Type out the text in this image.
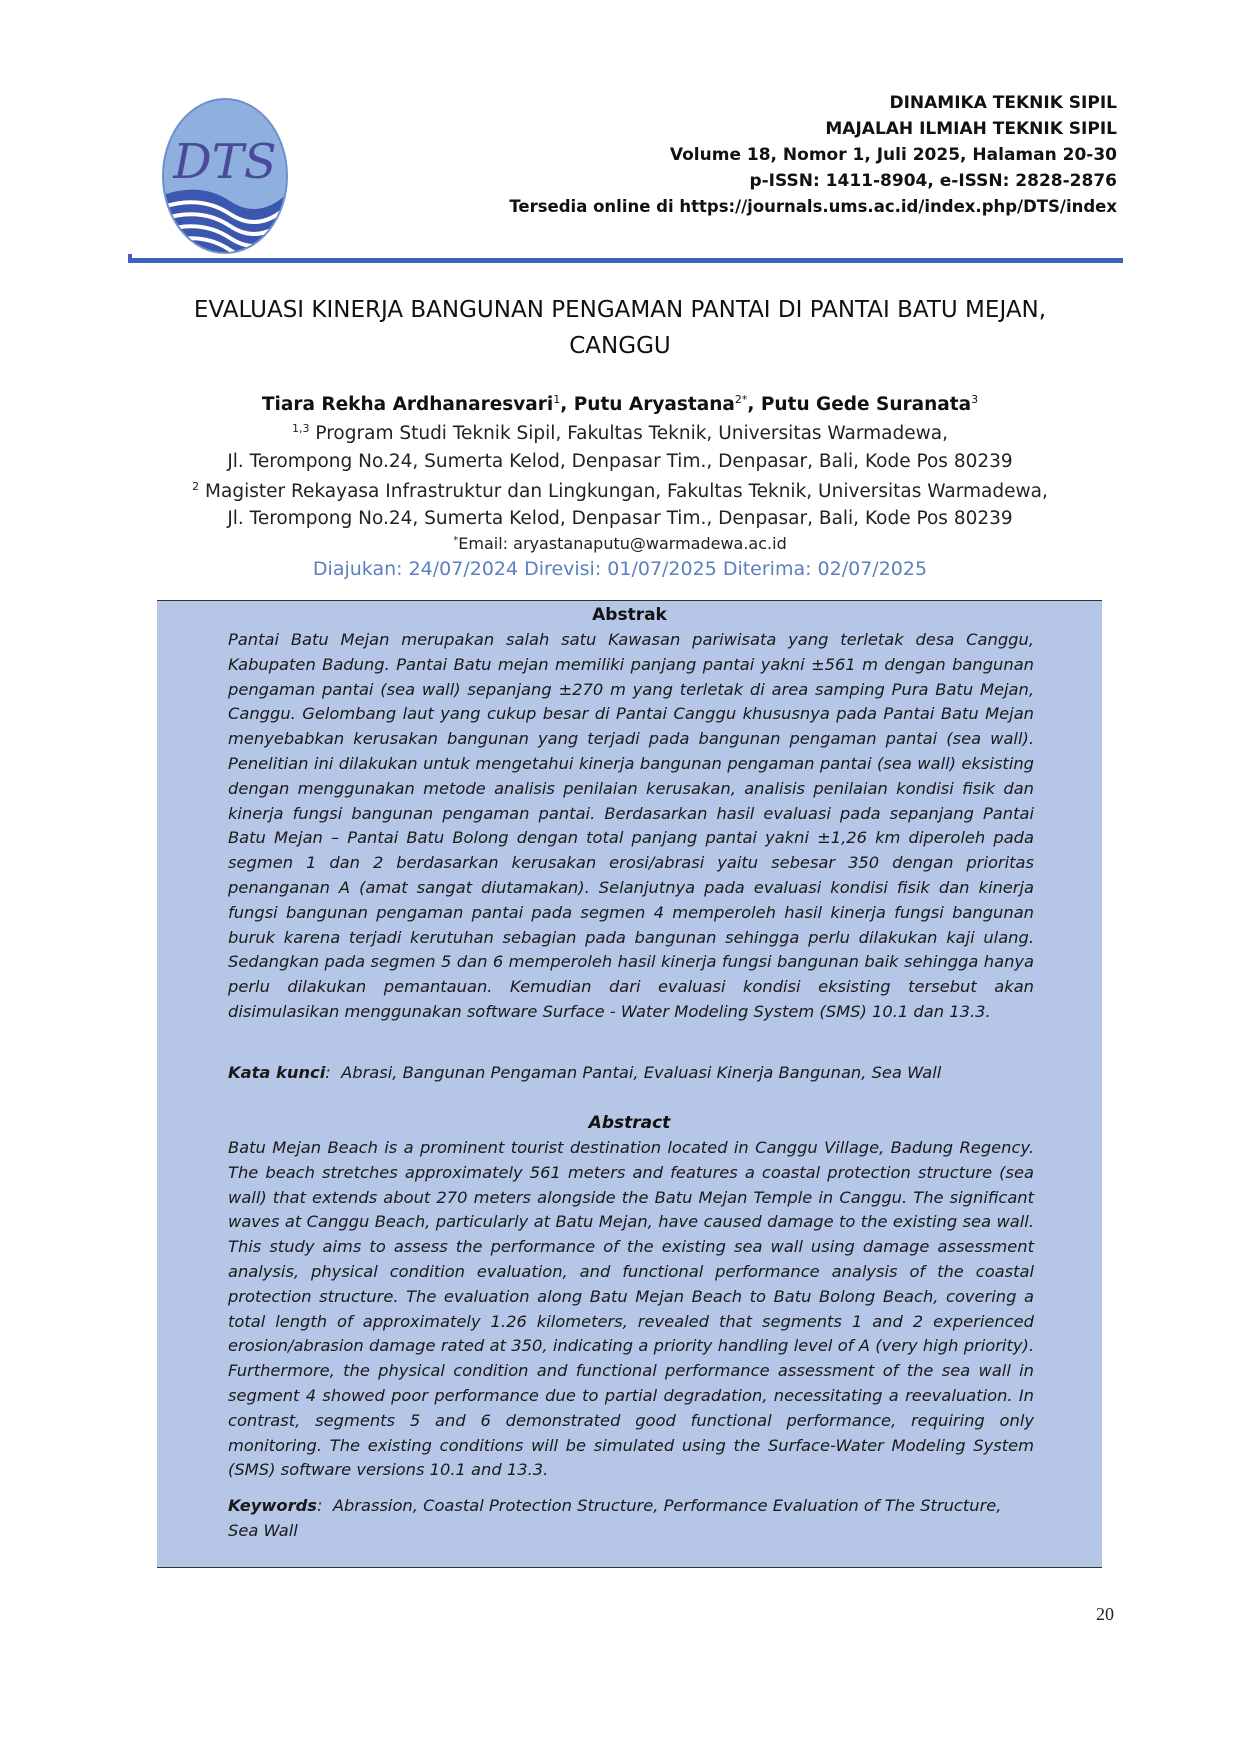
DTS
DINAMIKA TEKNIK SIPIL
MAJALAH ILMIAH TEKNIK SIPIL
Volume 18, Nomor 1, Juli 2025, Halaman 20-30
p-ISSN: 1411-8904, e-ISSN: 2828-2876
Tersedia online di https://journals.ums.ac.id/index.php/DTS/index
EVALUASI KINERJA BANGUNAN PENGAMAN PANTAI DI PANTAI BATU MEJAN,
CANGGU
Tiara Rekha Ardhanaresvari$^1$, Putu Aryastana$^{2*}$, Putu Gede Suranata$^3$
$^{1,3}$ Program Studi Teknik Sipil, Fakultas Teknik, Universitas Warmadewa,
Jl. Terompong No.24, Sumerta Kelod, Denpasar Tim., Denpasar, Bali, Kode Pos 80239
$^2$ Magister Rekayasa Infrastruktur dan Lingkungan, Fakultas Teknik, Universitas Warmadewa,
Jl. Terompong No.24, Sumerta Kelod, Denpasar Tim., Denpasar, Bali, Kode Pos 80239
*Email: aryastanaputu@warmadewa.ac.id
Diajukan: 24/07/2024 Direvisi: 01/07/2025 Diterima: 02/07/2025
Abstrak
Pantai Batu Mejan merupakan salah satu Kawasan pariwisata yang terletak desa Canggu, Kabupaten Badung. Pantai Batu mejan memiliki panjang pantai yakni ±561 m dengan bangunan pengaman pantai (sea wall) sepanjang ±270 m yang terletak di area samping Pura Batu Mejan, Canggu. Gelombang laut yang cukup besar di Pantai Canggu khususnya pada Pantai Batu Mejan menyebabkan kerusakan bangunan yang terjadi pada bangunan pengaman pantai (sea wall). Penelitian ini dilakukan untuk mengetahui kinerja bangunan pengaman pantai (sea wall) eksisting dengan menggunakan metode analisis penilaian kerusakan, analisis penilaian kondisi fisik dan kinerja fungsi bangunan pengaman pantai. Berdasarkan hasil evaluasi pada sepanjang Pantai Batu Mejan – Pantai Batu Bolong dengan total panjang pantai yakni ±1,26 km diperoleh pada segmen 1 dan 2 berdasarkan kerusakan erosi/abrasi yaitu sebesar 350 dengan prioritas penanganan A (amat sangat diutamakan). Selanjutnya pada evaluasi kondisi fisik dan kinerja fungsi bangunan pengaman pantai pada segmen 4 memperoleh hasil kinerja fungsi bangunan buruk karena terjadi kerutuhan sebagian pada bangunan sehingga perlu dilakukan kaji ulang. Sedangkan pada segmen 5 dan 6 memperoleh hasil kinerja fungsi bangunan baik sehingga hanya perlu dilakukan pemantauan. Kemudian dari evaluasi kondisi eksisting tersebut akan disimulasikan menggunakan software Surface - Water Modeling System (SMS) 10.1 dan 13.3.
Kata kunci:  Abrasi, Bangunan Pengaman Pantai, Evaluasi Kinerja Bangunan, Sea Wall
Abstract
Batu Mejan Beach is a prominent tourist destination located in Canggu Village, Badung Regency. The beach stretches approximately 561 meters and features a coastal protection structure (sea wall) that extends about 270 meters alongside the Batu Mejan Temple in Canggu. The significant waves at Canggu Beach, particularly at Batu Mejan, have caused damage to the existing sea wall. This study aims to assess the performance of the existing sea wall using damage assessment analysis, physical condition evaluation, and functional performance analysis of the coastal protection structure. The evaluation along Batu Mejan Beach to Batu Bolong Beach, covering a total length of approximately 1.26 kilometers, revealed that segments 1 and 2 experienced erosion/abrasion damage rated at 350, indicating a priority handling level of A (very high priority). Furthermore, the physical condition and functional performance assessment of the sea wall in segment 4 showed poor performance due to partial degradation, necessitating a reevaluation. In contrast, segments 5 and 6 demonstrated good functional performance, requiring only monitoring. The existing conditions will be simulated using the Surface-Water Modeling System (SMS) software versions 10.1 and 13.3.
Keywords:  Abrassion, Coastal Protection Structure, Performance Evaluation of The Structure, Sea Wall
20
